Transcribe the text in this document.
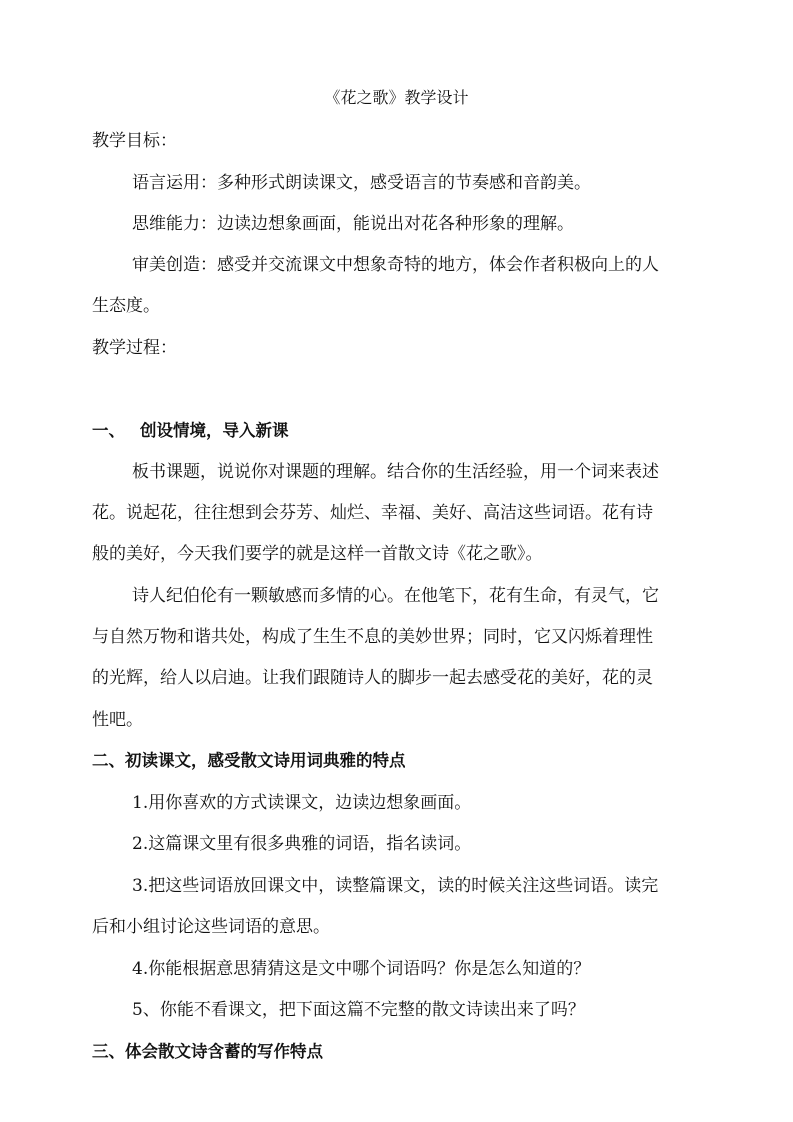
《花之歌》教学设计
教学目标：
语言运用：多种形式朗读课文，感受语言的节奏感和音韵美。
思维能力：边读边想象画面，能说出对花各种形象的理解。
审美创造：感受并交流课文中想象奇特的地方，体会作者积极向上的人
生态度。
教学过程：
一、 创设情境，导入新课
板书课题，说说你对课题的理解。结合你的生活经验，用一个词来表述
花。说起花，往往想到会芬芳、灿烂、幸福、美好、高洁这些词语。花有诗
般的美好，今天我们要学的就是这样一首散文诗《花之歌》。
诗人纪伯伦有一颗敏感而多情的心。在他笔下，花有生命，有灵气，它
与自然万物和谐共处，构成了生生不息的美妙世界；同时，它又闪烁着理性
的光辉，给人以启迪。让我们跟随诗人的脚步一起去感受花的美好，花的灵
性吧。
二、初读课文，感受散文诗用词典雅的特点
1.用你喜欢的方式读课文，边读边想象画面。
2.这篇课文里有很多典雅的词语，指名读词。
3.把这些词语放回课文中，读整篇课文，读的时候关注这些词语。读完
后和小组讨论这些词语的意思。
4.你能根据意思猜猜这是文中哪个词语吗？你是怎么知道的？
5、你能不看课文，把下面这篇不完整的散文诗读出来了吗？
三、体会散文诗含蓄的写作特点
